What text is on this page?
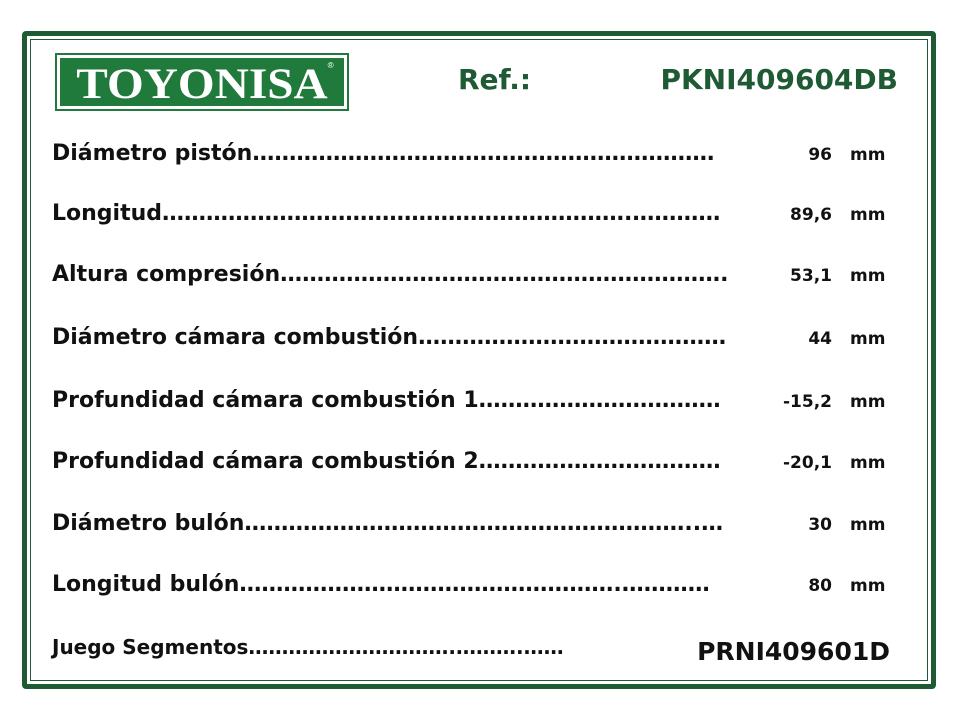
TOYONISA ®	Ref.:	PKNI409604DB
Diámetro pistón………………………………………………………	96 mm
Longitud……………………………………………………….…………	89,6 mm
Altura compresión…………………………………………………….	53,1 mm
Diámetro cámara combustión……………………………………	44 mm
Profundidad cámara combustión 1……………………………	-15,2 mm
Profundidad cámara combustión 2……………………………	-20,1 mm
Diámetro bulón……………………………………………………..…	30 mm
Longitud bulón…………………………………………….…………	80 mm
Juego Segmentos………………………….……….……	PRNI409601D
